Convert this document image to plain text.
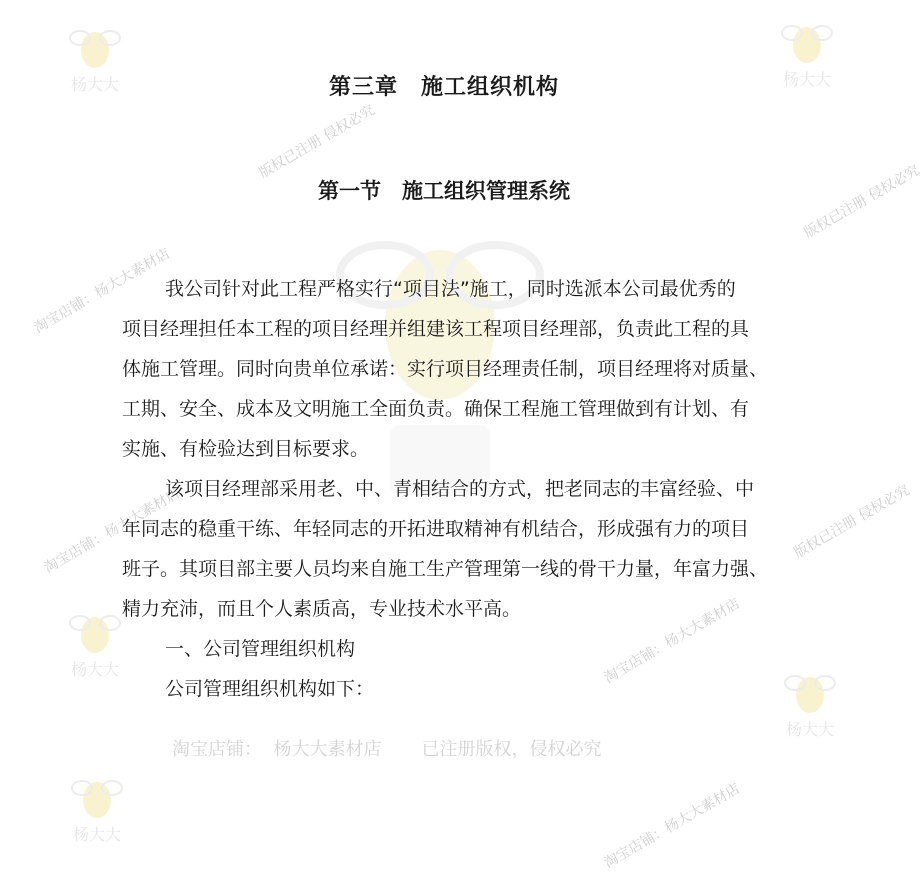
杨大大	杨大大
杨大大
杨大大
杨大大
版权已注册 侵权必究
淘宝店铺：杨大大素材店
版权已注册 侵权必究
淘宝店铺：杨大大素材店	版权已注册 侵权必究
淘宝店铺：杨大大素材店
淘宝店铺：杨大大素材店
第三章　施工组织机构
第一节　施工组织管理系统
我公司针对此工程严格实行“项目法”施工，同时选派本公司最优秀的
项目经理担任本工程的项目经理并组建该工程项目经理部，负责此工程的具
体施工管理。同时向贵单位承诺：实行项目经理责任制，项目经理将对质量、
工期、安全、成本及文明施工全面负责。确保工程施工管理做到有计划、有
实施、有检验达到目标要求。
该项目经理部采用老、中、青相结合的方式，把老同志的丰富经验、中
年同志的稳重干练、年轻同志的开拓进取精神有机结合，形成强有力的项目
班子。其项目部主要人员均来自施工生产管理第一线的骨干力量，年富力强、
精力充沛，而且个人素质高，专业技术水平高。
一、公司管理组织机构
公司管理组织机构如下：
淘宝店铺：  杨大大素材店       已注册版权，侵权必究
